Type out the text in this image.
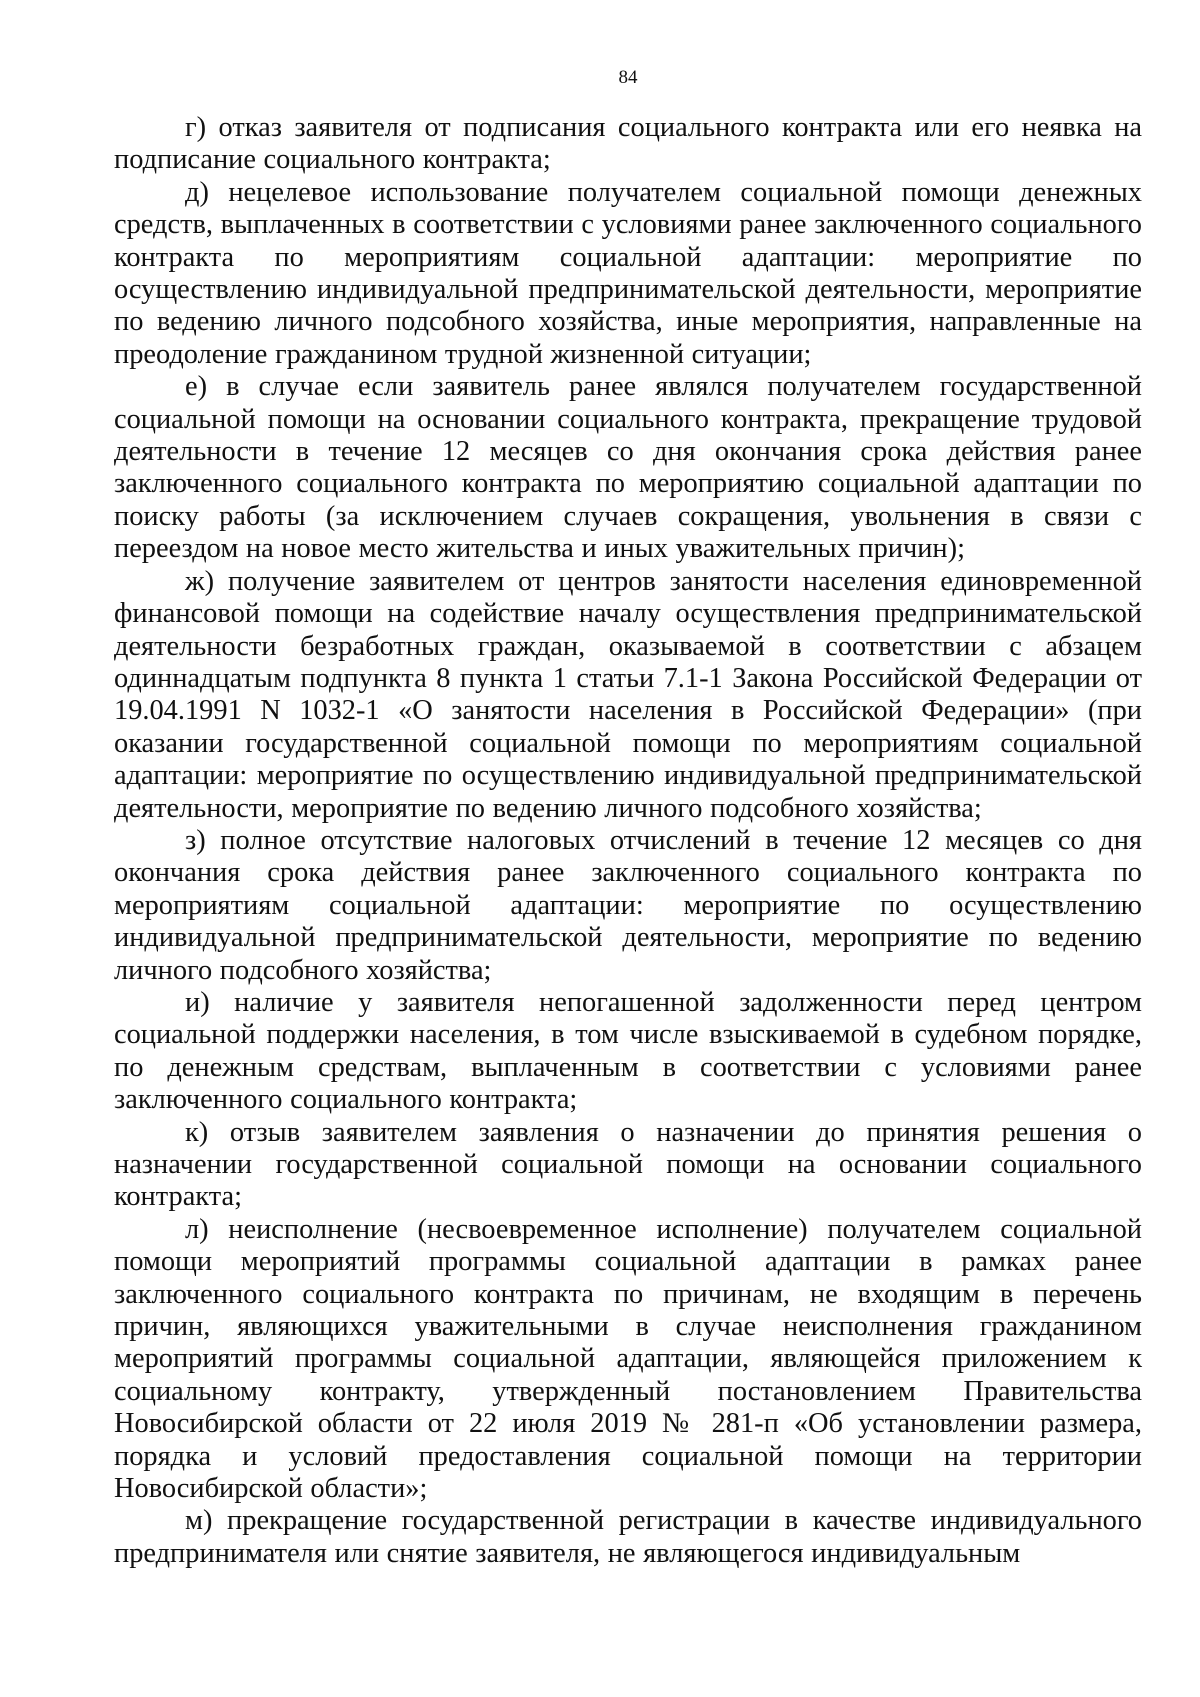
84

г) отказ заявителя от подписания социального контракта или его неявка на подписание социального контракта;

д) нецелевое использование получателем социальной помощи денежных средств, выплаченных в соответствии с условиями ранее заключенного социального контракта по мероприятиям социальной адаптации: мероприятие по осуществлению индивидуальной предпринимательской деятельности, мероприятие по ведению личного подсобного хозяйства, иные мероприятия, направленные на преодоление гражданином трудной жизненной ситуации;

е) в случае если заявитель ранее являлся получателем государственной социальной помощи на основании социального контракта, прекращение трудовой деятельности в течение 12 месяцев со дня окончания срока действия ранее заключенного социального контракта по мероприятию социальной адаптации по поиску работы (за исключением случаев сокращения, увольнения в связи с переездом на новое место жительства и иных уважительных причин);

ж) получение заявителем от центров занятости населения единовременной финансовой помощи на содействие началу осуществления предпринимательской деятельности безработных граждан, оказываемой в соответствии с абзацем одиннадцатым подпункта 8 пункта 1 статьи 7.1-1 Закона Российской Федерации от 19.04.1991 N 1032-1 «О занятости населения в Российской Федерации» (при оказании государственной социальной помощи по мероприятиям социальной адаптации: мероприятие по осуществлению индивидуальной предпринимательской деятельности, мероприятие по ведению личного подсобного хозяйства;

з) полное отсутствие налоговых отчислений в течение 12 месяцев со дня окончания срока действия ранее заключенного социального контракта по мероприятиям социальной адаптации: мероприятие по осуществлению индивидуальной предпринимательской деятельности, мероприятие по ведению личного подсобного хозяйства;

и) наличие у заявителя непогашенной задолженности перед центром социальной поддержки населения, в том числе взыскиваемой в судебном порядке, по денежным средствам, выплаченным в соответствии с условиями ранее заключенного социального контракта;

к) отзыв заявителем заявления о назначении до принятия решения о назначении государственной социальной помощи на основании социального контракта;

л) неисполнение (несвоевременное исполнение) получателем социальной помощи мероприятий программы социальной адаптации в рамках ранее заключенного социального контракта по причинам, не входящим в перечень причин, являющихся уважительными в случае неисполнения гражданином мероприятий программы социальной адаптации, являющейся приложением к социальному контракту, утвержденный постановлением Правительства Новосибирской области от 22 июля 2019 № 281-п «Об установлении размера, порядка и условий предоставления социальной помощи на территории Новосибирской области»;

м) прекращение государственной регистрации в качестве индивидуального предпринимателя или снятие заявителя, не являющегося индивидуальным
